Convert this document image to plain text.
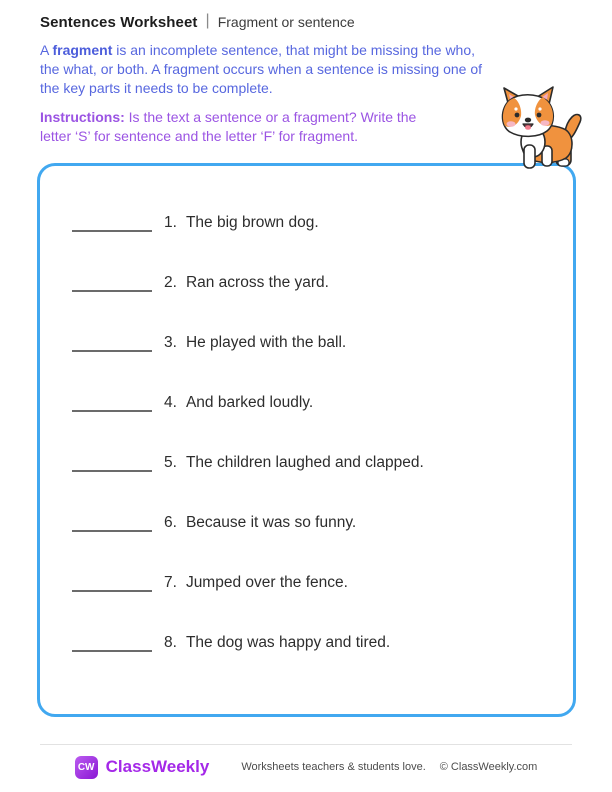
Sentences Worksheet | Fragment or sentence
A fragment is an incomplete sentence, that might be missing the who,
the what, or both. A fragment occurs when a sentence is missing one of
the key parts it needs to be complete.
Instructions: Is the text a sentence or a fragment? Write the
letter ‘S’ for sentence and the letter ‘F’ for fragment.
1. The big brown dog.
2. Ran across the yard.
3. He played with the ball.
4. And barked loudly.
5. The children laughed and clapped.
6. Because it was so funny.
7. Jumped over the fence.
8. The dog was happy and tired.
CW ClassWeekly	Worksheets teachers & students love. © ClassWeekly.com
